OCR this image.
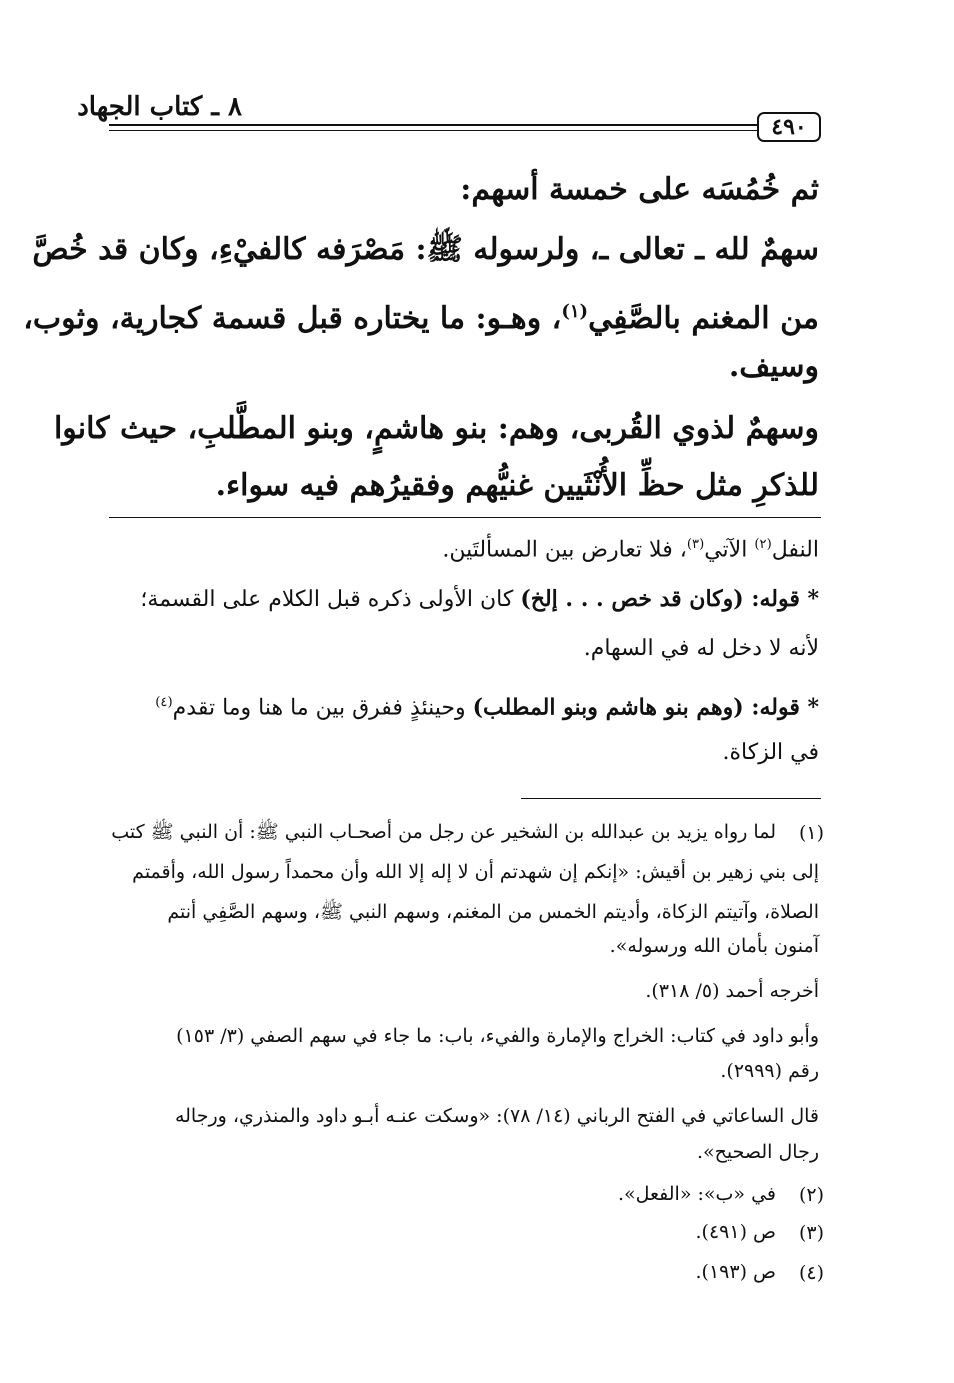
٨ ـ كتاب الجهاد
٤٩٠
ثم خُمُسَه على خمسة أسهم:
سهمٌ لله ـ تعالى ـ، ولرسوله ﷺ: مَصْرَفه كالفيْءِ، وكان قد خُصَّ
من المغنم بالصَّفِي$^{(١)}$، وهـو: ما يختاره قبل قسمة كجارية، وثوب،
وسيف.
وسهمٌ لذوي القُربى، وهم: بنو هاشمٍ، وبنو المطَّلبِ، حيث كانوا
للذكرِ مثل حظِّ الأُنْثَيين غنيُّهم وفقيرُهم فيه سواء.
النفل$^{(٢)}$ الآتي$^{(٣)}$، فلا تعارض بين المسألتَين.
* قوله: (وكان قد خص . . . إلخ) كان الأولى ذكره قبل الكلام على القسمة؛
لأنه لا دخل له في السهام.
* قوله: (وهم بنو هاشم وبنو المطلب) وحينئذٍ ففرق بين ما هنا وما تقدم$^{(٤)}$
في الزكاة.
(١)
لما رواه يزيد بن عبدالله بن الشخير عن رجل من أصحـاب النبي ﷺ: أن النبي ﷺ كتب
إلى بني زهير بن أقيش: «إنكم إن شهدتم أن لا إله إلا الله وأن محمداً رسول الله، وأقمتم
الصلاة، وآتيتم الزكاة، وأديتم الخمس من المغنم، وسهم النبي ﷺ، وسهم الصَّفِي أنتم
آمنون بأمان الله ورسوله».
أخرجه أحمد (٥/ ٣١٨).
وأبو داود في كتاب: الخراج والإمارة والفيء، باب: ما جاء في سهم الصفي (٣/ ١٥٣)
رقم (٢٩٩٩).
قال الساعاتي في الفتح الرباني (١٤/ ٧٨): «وسكت عنـه أبـو داود والمنذري، ورجاله
رجال الصحيح».
(٢)
في «ب»: «الفعل».
(٣)
ص (٤٩١).
(٤)
ص (١٩٣).
